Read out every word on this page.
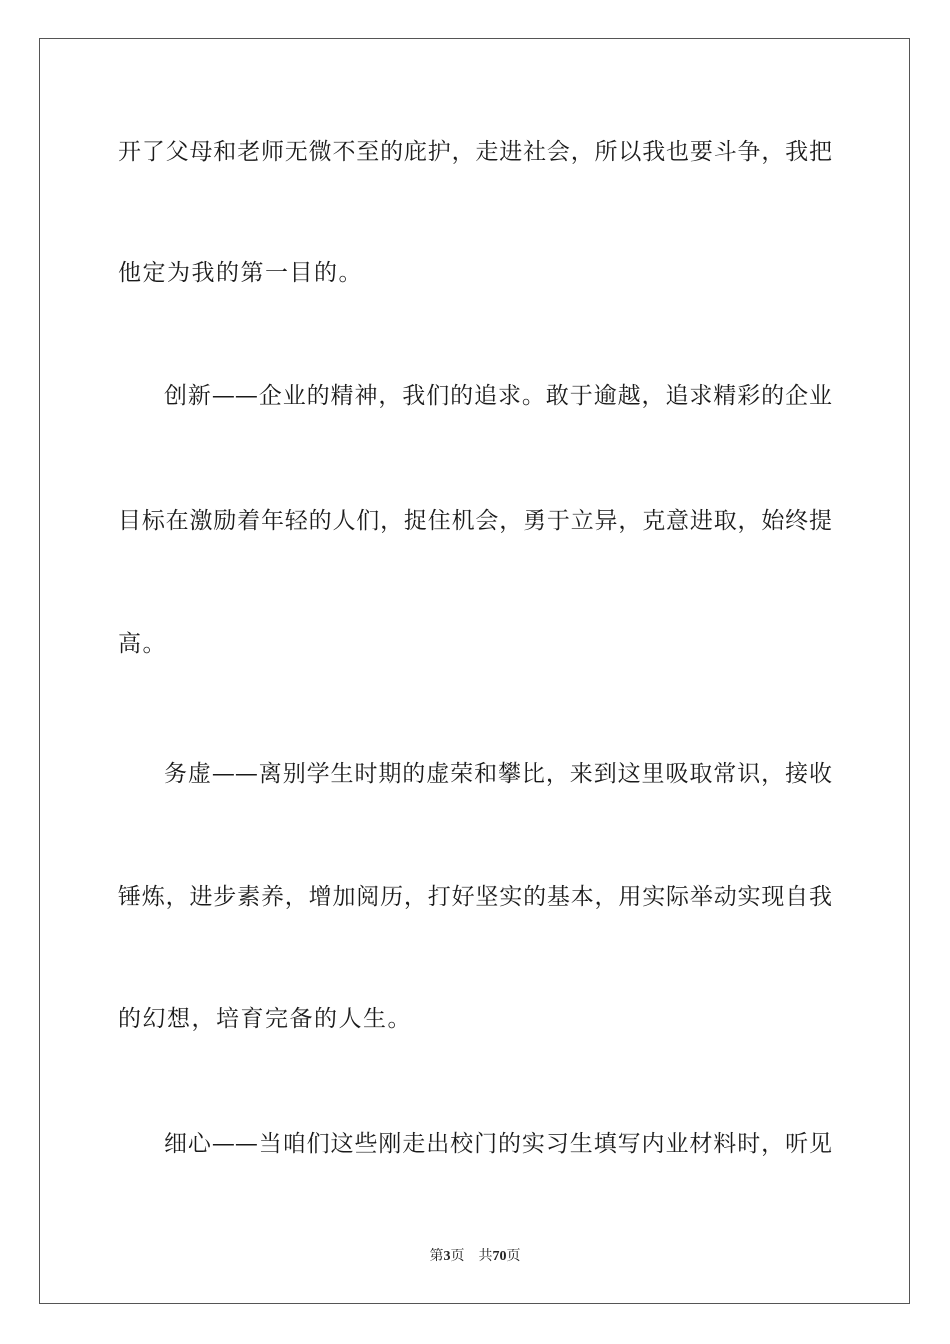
开了父母和老师无微不至的庇护，走进社会，所以我也要斗争，我把
他定为我的第一目的。
创新——企业的精神，我们的追求。敢于逾越，追求精彩的企业
目标在激励着年轻的人们，捉住机会，勇于立异，克意进取，始终提
高。
务虚——离别学生时期的虚荣和攀比，来到这里吸取常识，接收
锤炼，进步素养，增加阅历，打好坚实的基本，用实际举动实现自我
的幻想，培育完备的人生。
细心——当咱们这些刚走出校门的实习生填写内业材料时，听见
第3页 共70页
